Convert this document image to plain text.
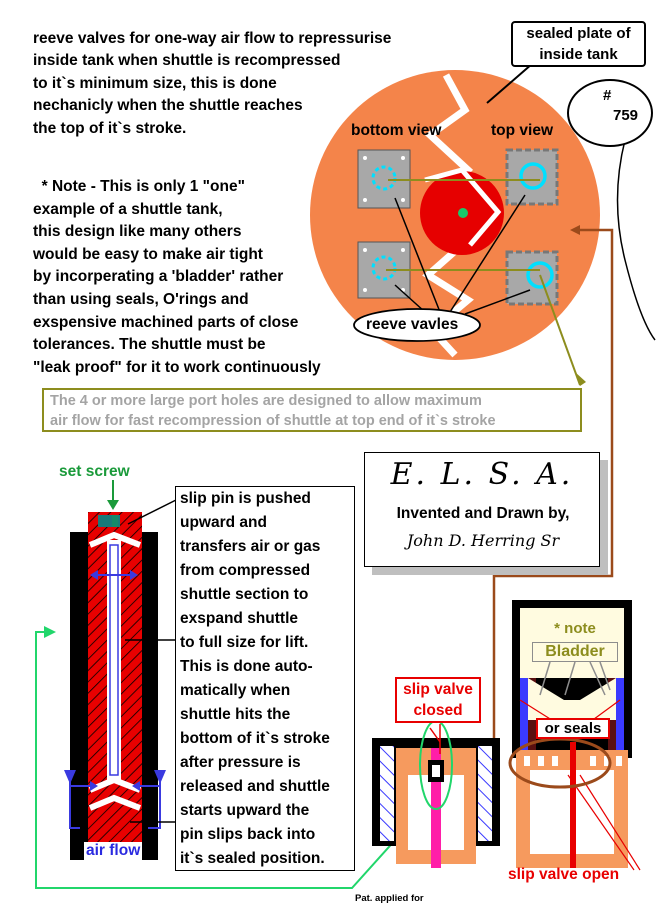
reeve valves for one-way air flow to repressurise
inside tank when shuttle is recompressed
to it`s minimum size, this is done
nechanicly when the shuttle reaches
the top of it`s stroke.
* Note - This is only 1 "one"
example of a shuttle tank,
this design like many others
would be easy to make air tight
by incorperating a 'bladder' rather
than using seals, O'rings and
exspensive machined parts of close
tolerances. The shuttle must be
"leak proof" for it to work continuously
sealed plate of
inside tank
#
759
bottom view	top view
reeve vavles
The 4 or more large port holes are designed to allow maximum
air flow for fast recompression of shuttle at top end of it`s stroke
E. L. S. A.
Invented and Drawn by,
John D. Herring Sr
set screw
air flow
slip pin is pushed
upward and
transfers air or gas
from compressed
shuttle section to
exspand shuttle
to full size for lift.
This is done auto-
matically when
shuttle hits the
bottom of it`s stroke
after pressure is
released and shuttle
starts upward the
pin slips back into
it`s sealed position.
slip valve
closed
* note
Bladder
or seals
slip valve open
Pat. applied for
